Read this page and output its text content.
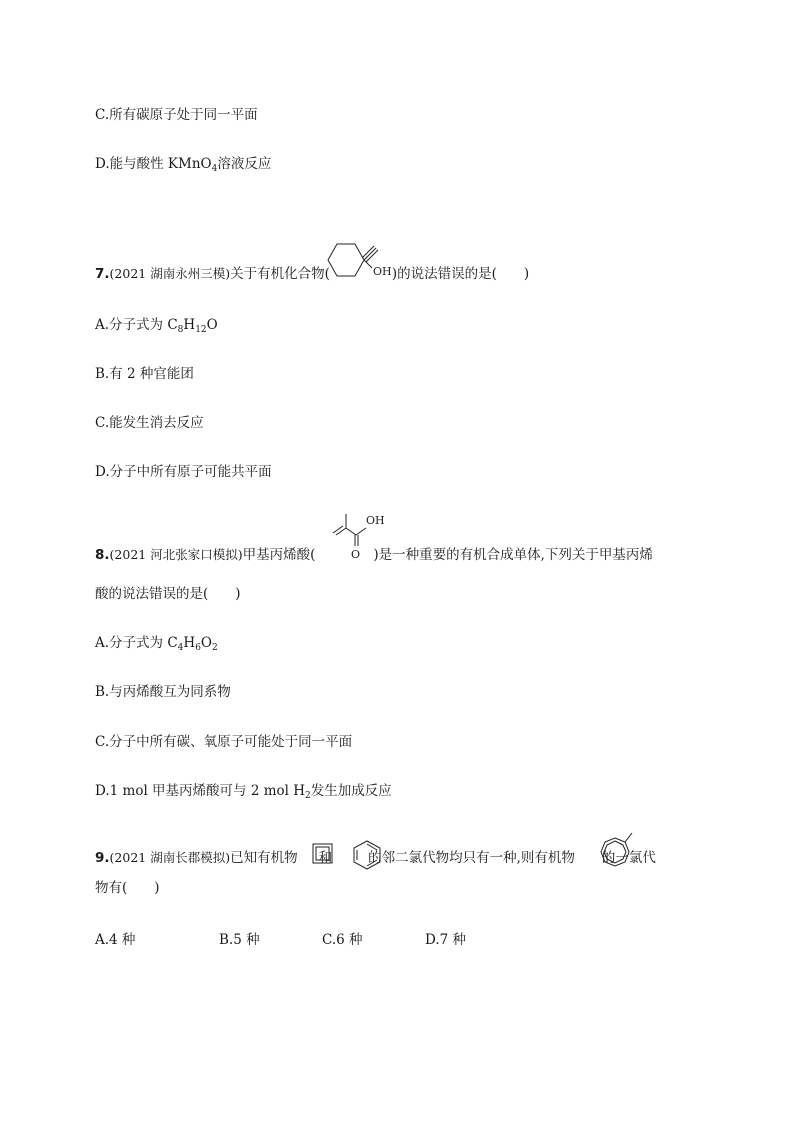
C.所有碳原子处于同一平面
D.能与酸性 KMnO$_4$溶液反应
7.(2021 湖南永州三模)关于有机化合物(	)的说法错误的是(　　)
OH
A.分子式为 $C_8H_{12}O$
B.有 2 种官能团
C.能发生消去反应
D.分子中所有原子可能共平面
OH
O
8.(2021 河北张家口模拟)甲基丙烯酸(	)是一种重要的有机合成单体,下列关于甲基丙烯
酸的说法错误的是(　　)
A.分子式为 $C_4H_6O_2$
B.与丙烯酸互为同系物
C.分子中所有碳、氧原子可能处于同一平面
D.1 mol 甲基丙烯酸可与 2 mol $H_2$发生加成反应
9.(2021 湖南长郡模拟)已知有机物 和	的邻二氯代物均只有一种,则有机物 的一氯代
物有(　　)
A.4 种	B.5 种	C.6 种	D.7 种
